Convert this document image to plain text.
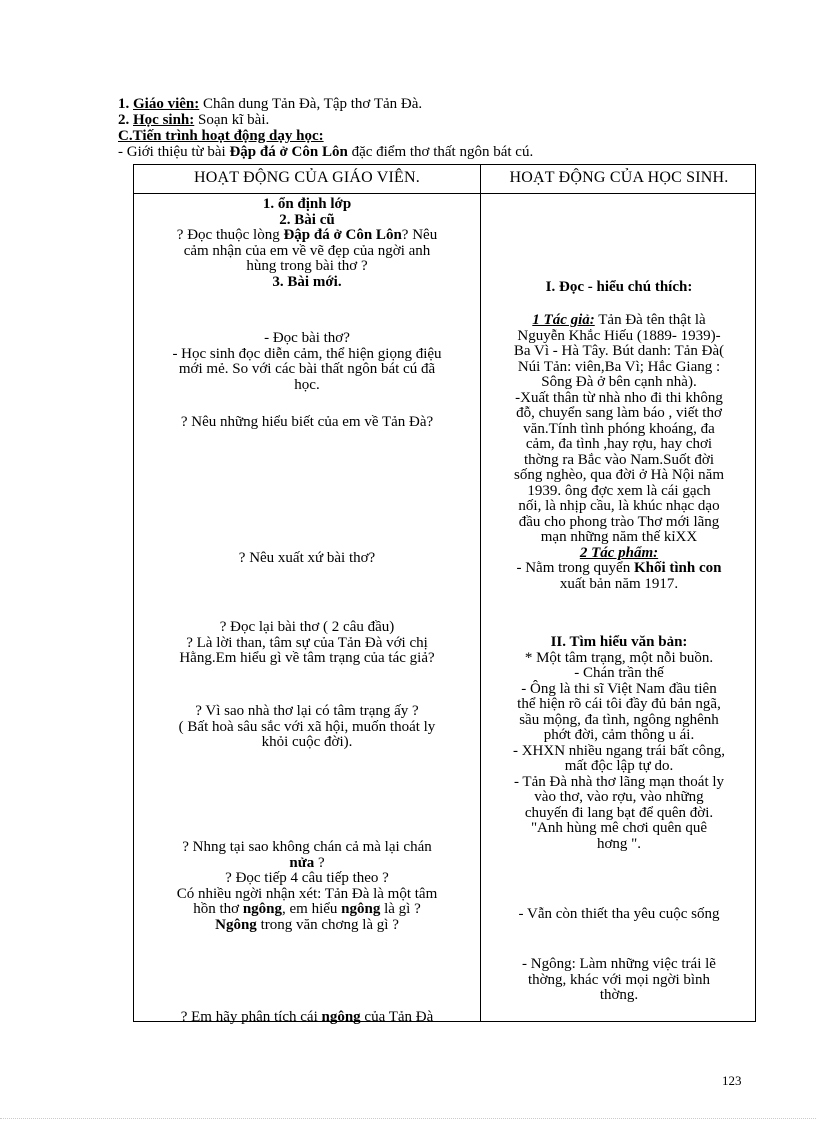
1. Giáo viên: Chân dung Tản Đà, Tập thơ Tản Đà.
2. Học sinh: Soạn kĩ bài.
C.Tiến trình hoạt động dạy học:
- Giới thiệu từ bài Đập đá ở Côn Lôn đặc điểm thơ thất ngôn bát cú.
HOẠT ĐỘNG CỦA GIÁO VIÊN.	HOẠT ĐỘNG CỦA HỌC SINH.
1. ổn định lớp
2. Bài cũ
? Đọc thuộc lòng Đập đá ở Côn Lôn? Nêu
cảm nhận của em về vẽ đẹp của ngời anh
hùng trong bài thơ ?
3. Bài mới.
- Đọc bài thơ?
- Học sinh đọc diễn cảm, thể hiện giọng điệu
mới mẻ. So với các bài thất ngôn bát cú đã
học.
? Nêu những hiểu biết của em về Tản Đà?
? Nêu xuất xứ bài thơ?
? Đọc lại bài thơ ( 2 câu đầu)
? Là lời than, tâm sự của Tản Đà với chị
Hằng.Em hiểu gì về tâm trạng của tác giả?
? Vì sao nhà thơ lại có tâm trạng ấy ?
( Bất hoà sâu sắc với xã hội, muốn thoát ly
khỏi cuộc đời).
? Nhng tại sao không chán cả mà lại chán
nửa ?
? Đọc tiếp 4 câu tiếp theo ?
Có nhiều ngời nhận xét: Tản Đà là một tâm
hồn thơ ngông, em hiểu ngông là gì ?
Ngông trong văn chơng là gì ?
? Em hãy phân tích cái ngông của Tản Đà
I. Đọc - hiểu chú thích:
1 Tác giả: Tản Đà tên thật là
Nguyễn Khắc Hiếu (1889- 1939)-
Ba Vì - Hà Tây. Bút danh: Tản Đà(
Núi Tản: viên,Ba Vì; Hắc Giang :
Sông Đà ở bên cạnh nhà).
-Xuất thân từ nhà nho đi thi không
đỗ, chuyển sang làm báo , viết thơ
văn.Tính tình phóng khoáng, đa
cảm, đa tình ,hay rợu, hay chơi
thờng ra Bắc vào Nam.Suốt đời
sống nghèo, qua đời ở Hà Nội năm
1939. ông đợc xem là cái gạch
nối, là nhịp cầu, là khúc nhạc dạo
đầu cho phong trào Thơ mới lãng
mạn những năm thế kỉXX
2 Tác phẩm:
- Nằm trong quyển Khối tình con
xuất bản năm 1917.
II. Tìm hiểu văn bản:
* Một tâm trạng, một nỗi buồn.
- Chán trần thế
- Ông là thi sĩ Việt Nam đầu tiên
thể hiện rõ cái tôi đầy đủ bản ngã,
sầu mộng, đa tình, ngông nghênh
phớt đời, cảm thông u ái.
- XHXN nhiều ngang trái bất công,
mất độc lập tự do.
- Tản Đà nhà thơ lãng mạn thoát ly
vào thơ, vào rợu, vào những
chuyến đi lang bạt để quên đời.
"Anh hùng mê chơi quên quê
hơng ".
- Vẫn còn thiết tha yêu cuộc sống
- Ngông: Làm những việc trái lẽ
thờng, khác với mọi ngời bình
thờng.
123
